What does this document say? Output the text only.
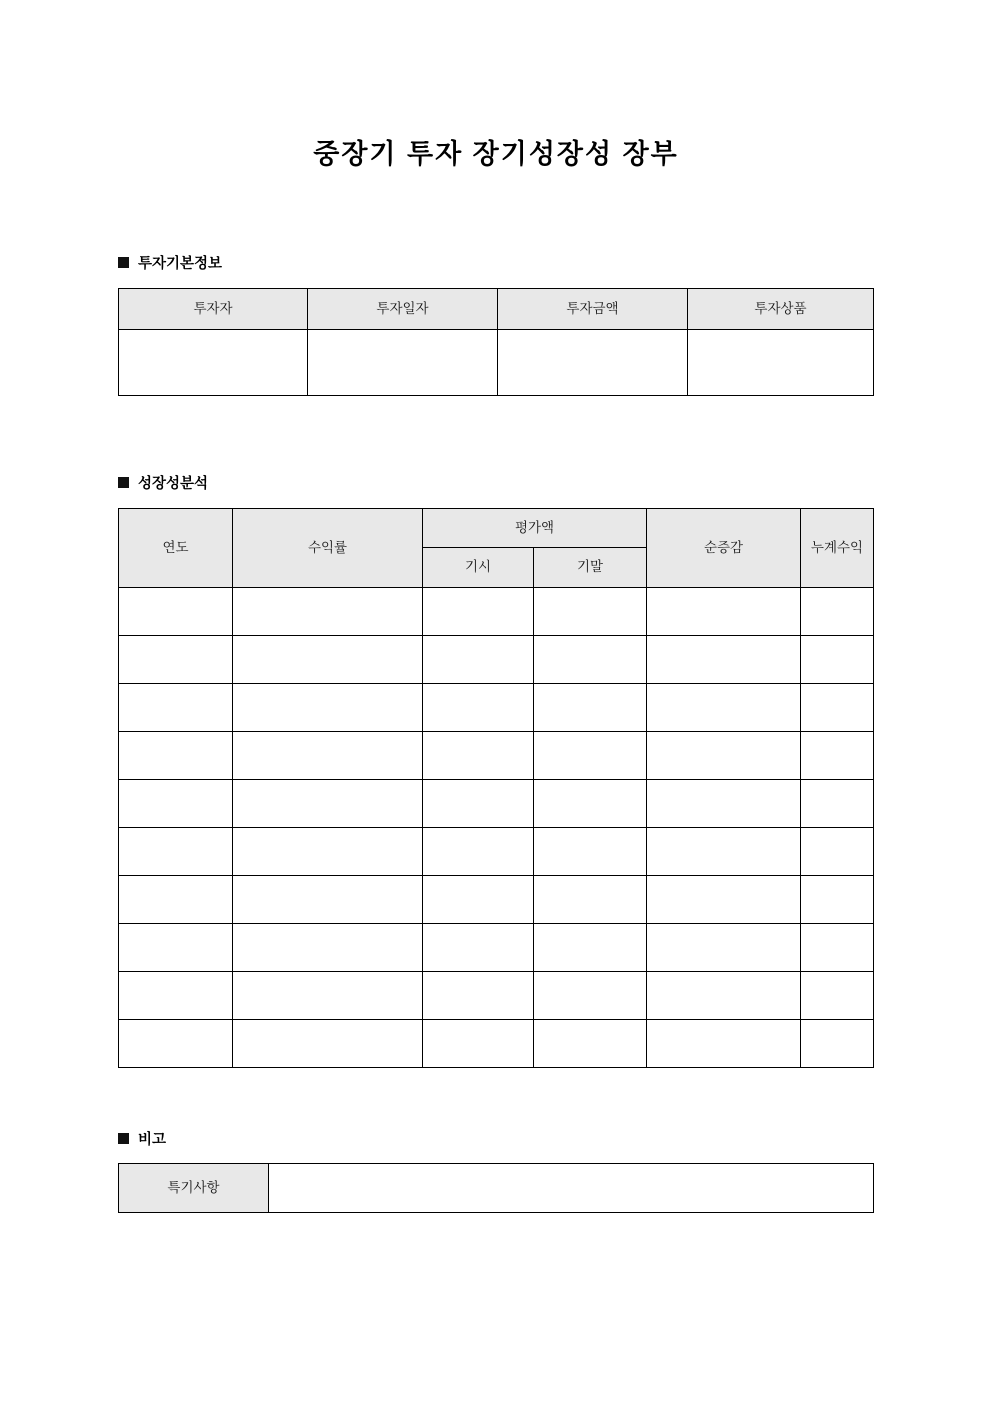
중장기 투자 장기성장성 장부
투자기본정보
투자자	투자일자	투자금액	투자상품

성장성분석
연도	수익률	평가액		순증감	누계수익
		기시	기말		

비고
특기사항	
